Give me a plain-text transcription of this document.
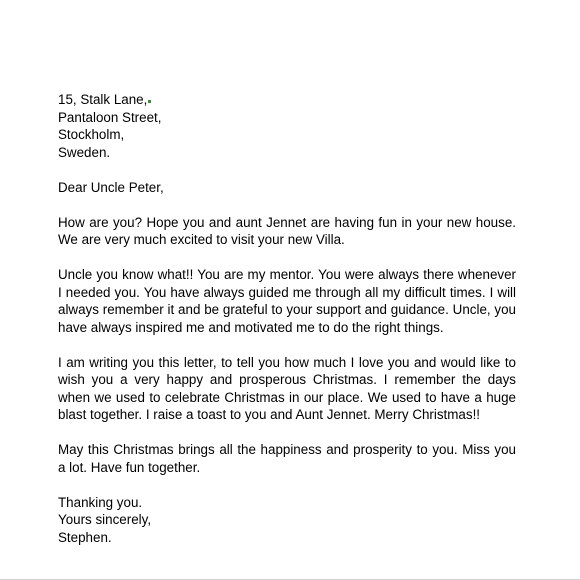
15, Stalk Lane,
Pantaloon Street,
Stockholm,
Sweden.
Dear Uncle Peter,
How are you? Hope you and aunt Jennet are having fun in your new house. We are very much excited to visit your new Villa.
Uncle you know what!! You are my mentor. You were always there whenever I needed you. You have always guided me through all my difficult times. I will always remember it and be grateful to your support and guidance. Uncle, you have always inspired me and motivated me to do the right things.
I am writing you this letter, to tell you how much I love you and would like to wish you a very happy and prosperous Christmas. I remember the days when we used to celebrate Christmas in our place. We used to have a huge blast together. I raise a toast to you and Aunt Jennet. Merry Christmas!!
May this Christmas brings all the happiness and prosperity to you. Miss you a lot. Have fun together.
Thanking you.
Yours sincerely,
Stephen.
